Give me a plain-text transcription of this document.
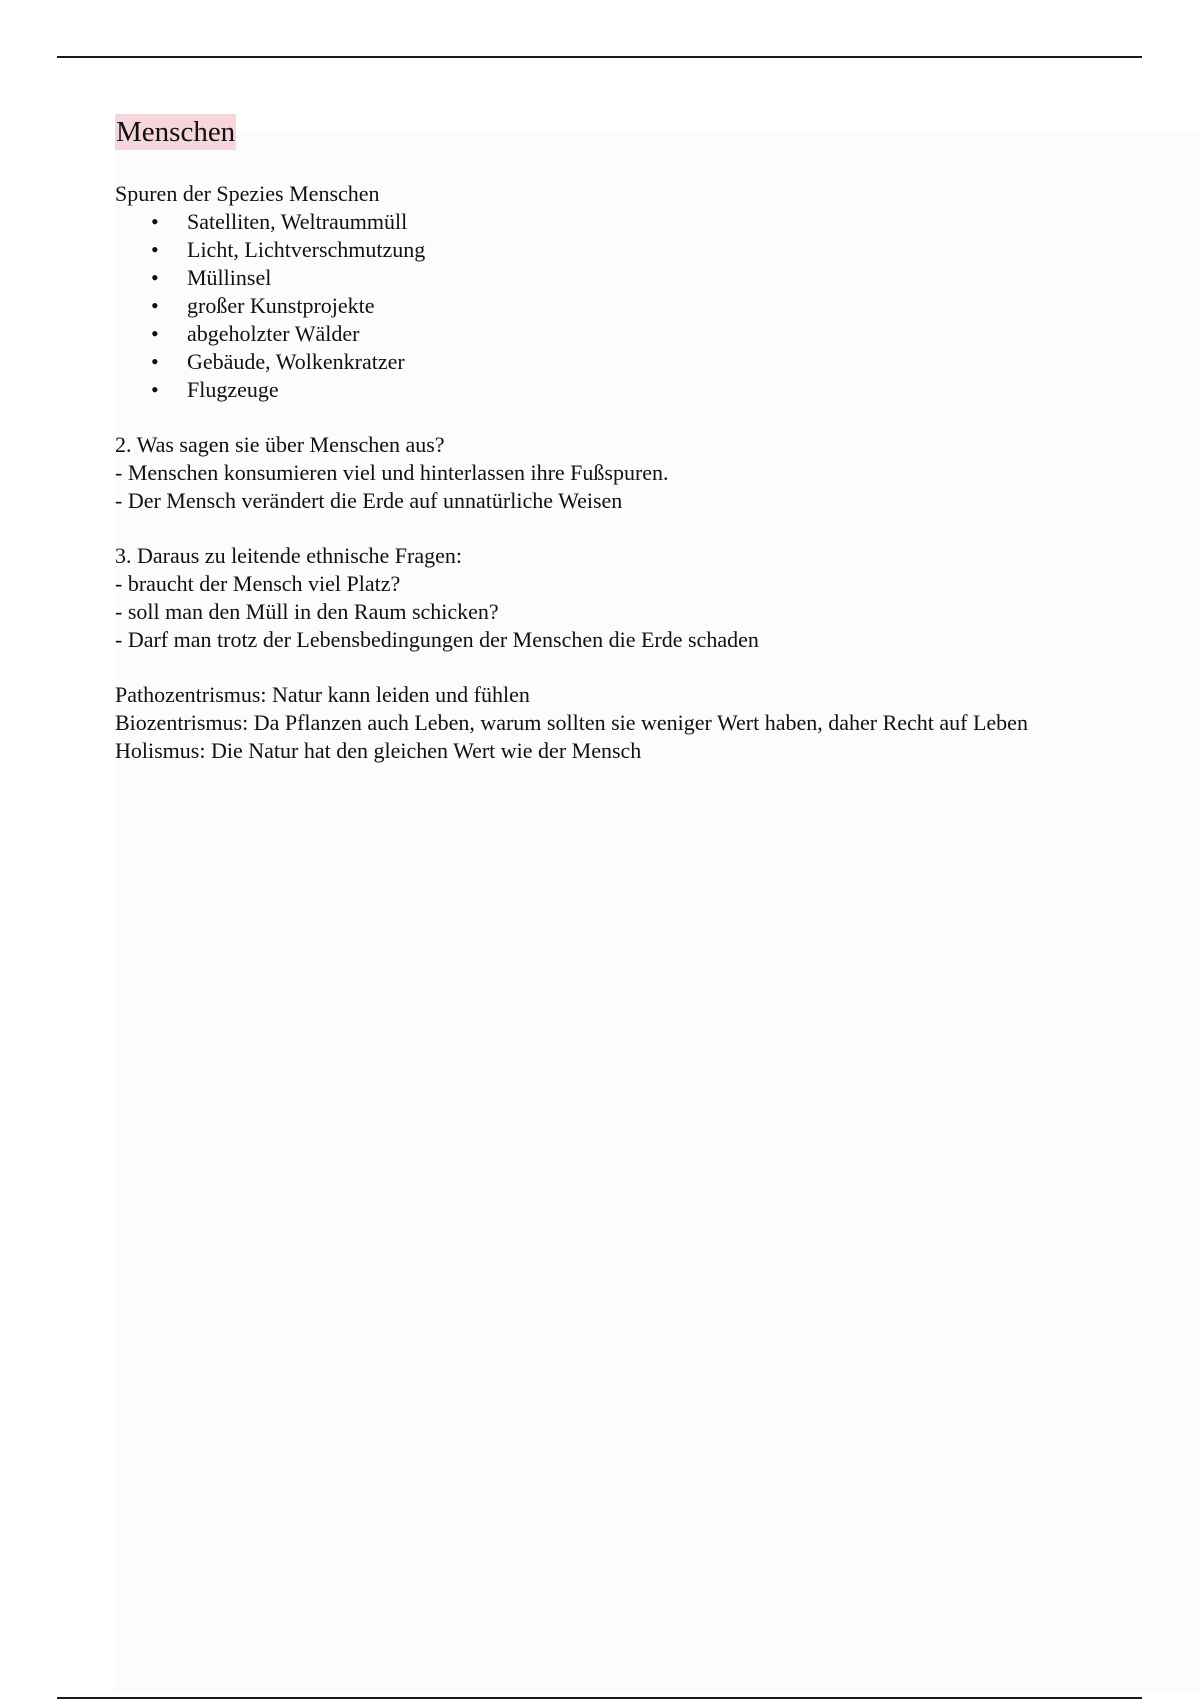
Menschen

Spuren der Spezies Menschen

• Satelliten, Weltraummüll
• Licht, Lichtverschmutzung
• Müllinsel
• großer Kunstprojekte
• abgeholzter Wälder
• Gebäude, Wolkenkratzer
• Flugzeuge

2. Was sagen sie über Menschen aus?

- Menschen konsumieren viel und hinterlassen ihre Fußspuren.

- Der Mensch verändert die Erde auf unnatürliche Weisen

3. Daraus zu leitende ethnische Fragen:

- braucht der Mensch viel Platz?

- soll man den Müll in den Raum schicken?

- Darf man trotz der Lebensbedingungen der Menschen die Erde schaden

Pathozentrismus: Natur kann leiden und fühlen

Biozentrismus: Da Pflanzen auch Leben, warum sollten sie weniger Wert haben, daher Recht auf Leben

Holismus: Die Natur hat den gleichen Wert wie der Mensch
